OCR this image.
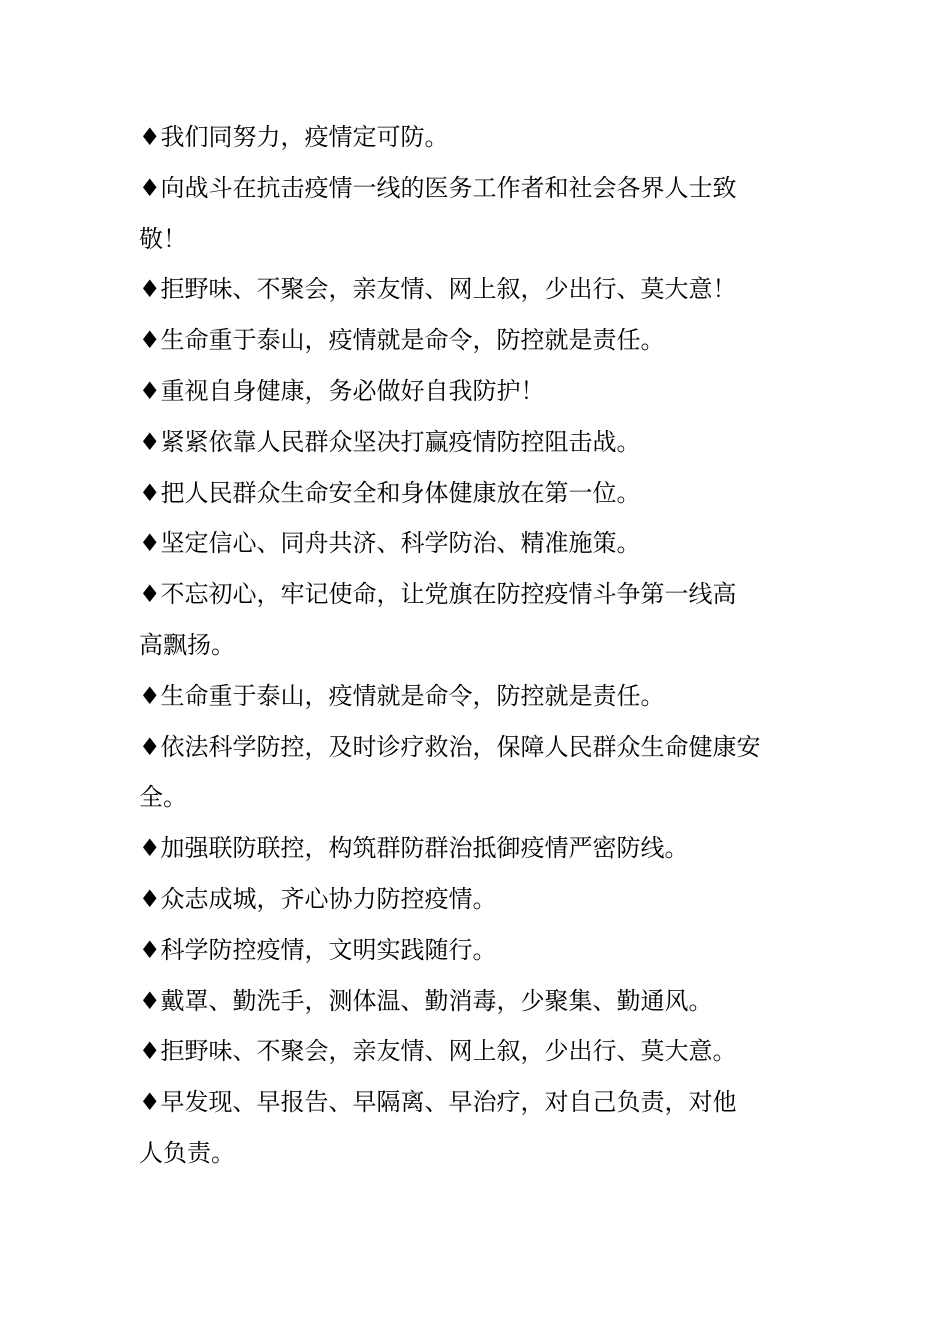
♦我们同努力，疫情定可防。
♦向战斗在抗击疫情一线的医务工作者和社会各界人士致
敬！
♦拒野味、不聚会，亲友情、网上叙，少出行、莫大意！
♦生命重于泰山，疫情就是命令，防控就是责任。
♦重视自身健康，务必做好自我防护！
♦紧紧依靠人民群众坚决打赢疫情防控阻击战。
♦把人民群众生命安全和身体健康放在第一位。
♦坚定信心、同舟共济、科学防治、精准施策。
♦不忘初心，牢记使命，让党旗在防控疫情斗争第一线高
高飘扬。
♦生命重于泰山，疫情就是命令，防控就是责任。
♦依法科学防控，及时诊疗救治，保障人民群众生命健康安
全。
♦加强联防联控，构筑群防群治抵御疫情严密防线。
♦众志成城，齐心协力防控疫情。
♦科学防控疫情，文明实践随行。
♦戴罩、勤洗手，测体温、勤消毒，少聚集、勤通风。
♦拒野味、不聚会，亲友情、网上叙，少出行、莫大意。
♦早发现、早报告、早隔离、早治疗，对自己负责，对他
人负责。
